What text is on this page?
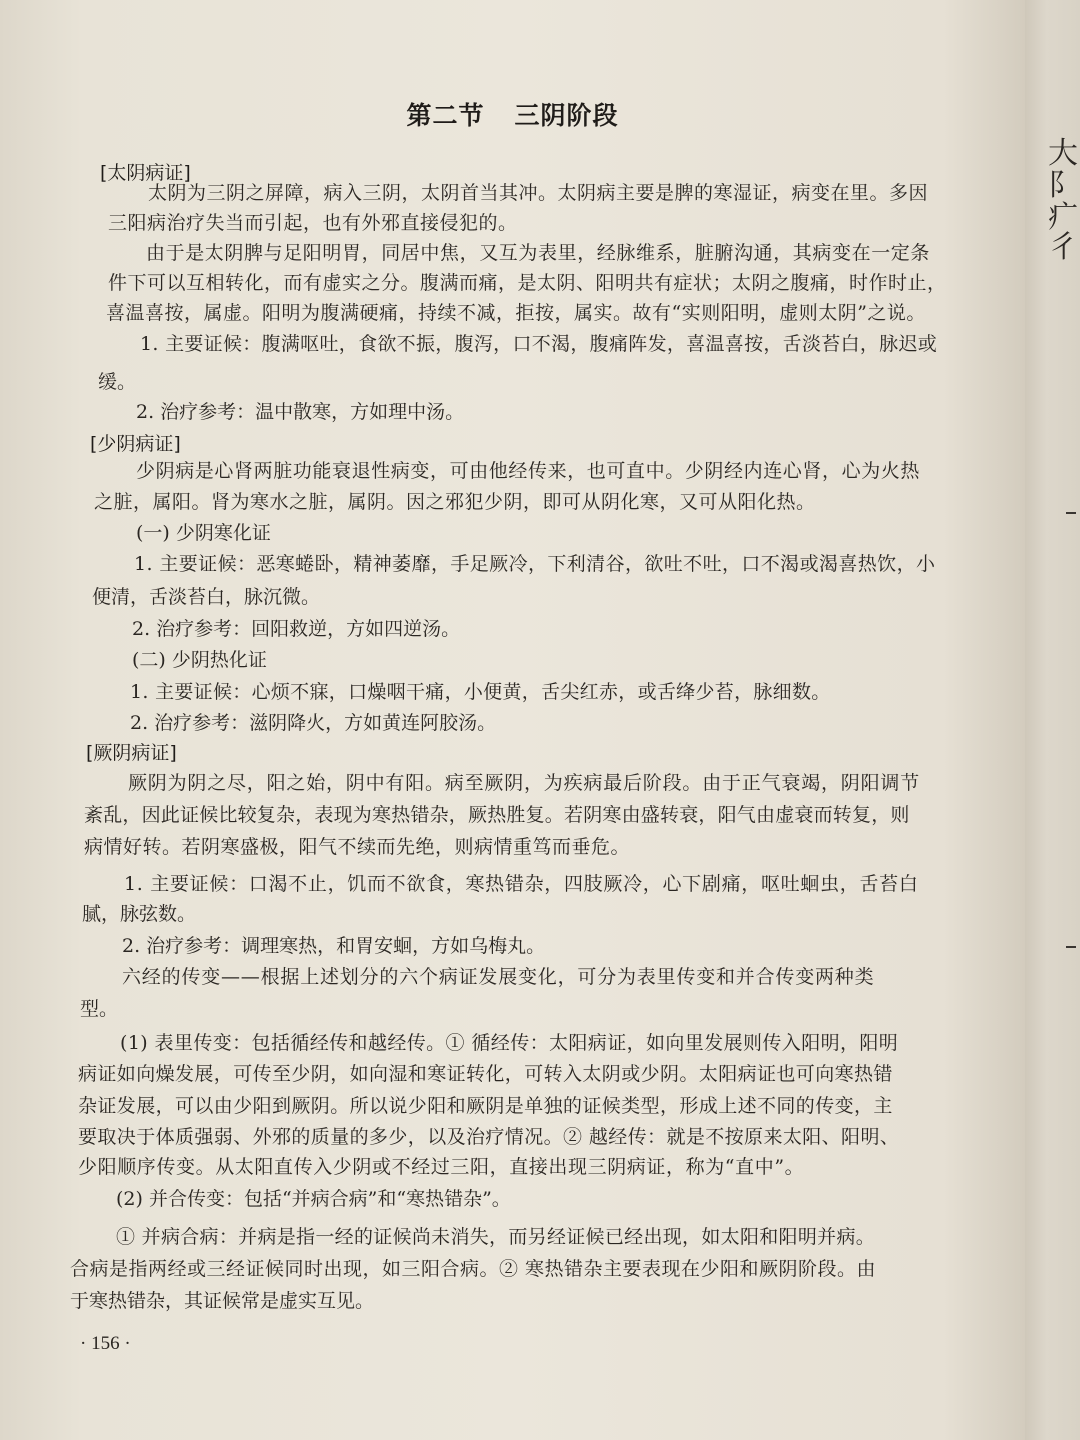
第二节 三阴阶段
[太阴病证]
太阴为三阴之屏障，病入三阴，太阴首当其冲。太阴病主要是脾的寒湿证，病变在里。多因
三阳病治疗失当而引起，也有外邪直接侵犯的。
由于是太阴脾与足阳明胃，同居中焦，又互为表里，经脉维系，脏腑沟通，其病变在一定条
件下可以互相转化，而有虚实之分。腹满而痛，是太阴、阳明共有症状；太阴之腹痛，时作时止，
喜温喜按，属虚。阳明为腹满硬痛，持续不减，拒按，属实。故有“实则阳明，虚则太阴”之说。
1. 主要证候：腹满呕吐，食欲不振，腹泻，口不渴，腹痛阵发，喜温喜按，舌淡苔白，脉迟或
缓。
2. 治疗参考：温中散寒，方如理中汤。
[少阴病证]
少阴病是心肾两脏功能衰退性病变，可由他经传来，也可直中。少阴经内连心肾，心为火热
之脏，属阳。肾为寒水之脏，属阴。因之邪犯少阴，即可从阴化寒，又可从阳化热。
(一) 少阴寒化证
1. 主要证候：恶寒蜷卧，精神萎靡，手足厥冷，下利清谷，欲吐不吐，口不渴或渴喜热饮，小
便清，舌淡苔白，脉沉微。
2. 治疗参考：回阳救逆，方如四逆汤。
(二) 少阴热化证
1. 主要证候：心烦不寐，口燥咽干痛，小便黄，舌尖红赤，或舌绛少苔，脉细数。
2. 治疗参考：滋阴降火，方如黄连阿胶汤。
[厥阴病证]
厥阴为阴之尽，阳之始，阴中有阳。病至厥阴，为疾病最后阶段。由于正气衰竭，阴阳调节
紊乱，因此证候比较复杂，表现为寒热错杂，厥热胜复。若阴寒由盛转衰，阳气由虚衰而转复，则
病情好转。若阴寒盛极，阳气不续而先绝，则病情重笃而垂危。
1. 主要证候：口渴不止，饥而不欲食，寒热错杂，四肢厥冷，心下剧痛，呕吐蛔虫，舌苔白
腻，脉弦数。
2. 治疗参考：调理寒热，和胃安蛔，方如乌梅丸。
六经的传变——根据上述划分的六个病证发展变化，可分为表里传变和并合传变两种类
型。
(1) 表里传变：包括循经传和越经传。① 循经传：太阳病证，如向里发展则传入阳明，阳明
病证如向燥发展，可传至少阴，如向湿和寒证转化，可转入太阴或少阴。太阳病证也可向寒热错
杂证发展，可以由少阳到厥阴。所以说少阳和厥阴是单独的证候类型，形成上述不同的传变，主
要取决于体质强弱、外邪的质量的多少，以及治疗情况。② 越经传：就是不按原来太阳、阳明、
少阳顺序传变。从太阳直传入少阴或不经过三阳，直接出现三阴病证，称为“直中”。
(2) 并合传变：包括“并病合病”和“寒热错杂”。
① 并病合病：并病是指一经的证候尚未消失，而另经证候已经出现，如太阳和阳明并病。
合病是指两经或三经证候同时出现，如三阳合病。② 寒热错杂主要表现在少阳和厥阴阶段。由
于寒热错杂，其证候常是虚实互见。
· 156 ·
大
阝
疒
彳
